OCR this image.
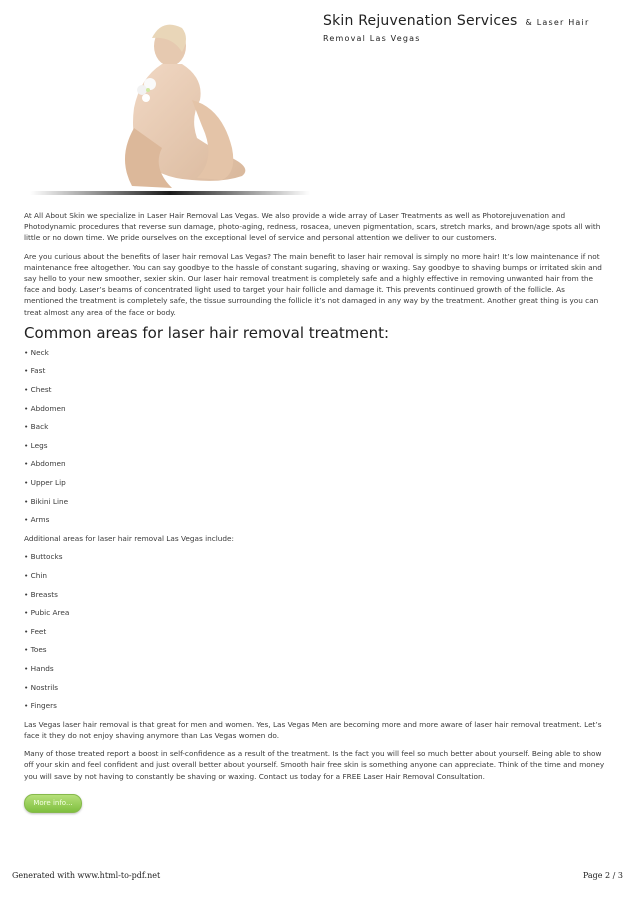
Skin Rejuvenation Services & Laser Hair
Removal Las Vegas

At All About Skin we specialize in Laser Hair Removal Las Vegas. We also provide a wide array of Laser Treatments as well as Photorejuvenation and Photodynamic procedures that reverse sun damage, photo-aging, redness, rosacea, uneven pigmentation, scars, stretch marks, and brown/age spots all with little or no down time. We pride ourselves on the exceptional level of service and personal attention we deliver to our customers.

Are you curious about the benefits of laser hair removal Las Vegas? The main benefit to laser hair removal is simply no more hair! It’s low maintenance if not maintenance free altogether. You can say goodbye to the hassle of constant sugaring, shaving or waxing. Say goodbye to shaving bumps or irritated skin and say hello to your new smoother, sexier skin. Our laser hair removal treatment is completely safe and a highly effective in removing unwanted hair from the face and body. Laser’s beams of concentrated light used to target your hair follicle and damage it. This prevents continued growth of the follicle. As mentioned the treatment is completely safe, the tissue surrounding the follicle it’s not damaged in any way by the treatment. Another great thing is you can treat almost any area of the face or body.

Common areas for laser hair removal treatment:
• Neck
• Fast
• Chest
• Abdomen
• Back
• Legs
• Abdomen
• Upper Lip
• Bikini Line
• Arms
Additional areas for laser hair removal Las Vegas include:
• Buttocks
• Chin
• Breasts
• Pubic Area
• Feet
• Toes
• Hands
• Nostrils
• Fingers

Las Vegas laser hair removal is that great for men and women. Yes, Las Vegas Men are becoming more and more aware of laser hair removal treatment. Let’s face it they do not enjoy shaving anymore than Las Vegas women do.

Many of those treated report a boost in self-confidence as a result of the treatment. Is the fact you will feel so much better about yourself. Being able to show off your skin and feel confident and just overall better about yourself. Smooth hair free skin is something anyone can appreciate. Think of the time and money you will save by not having to constantly be shaving or waxing. Contact us today for a FREE Laser Hair Removal Consultation.

More info...
Generated with www.html-to-pdf.net	Page 2 / 3
